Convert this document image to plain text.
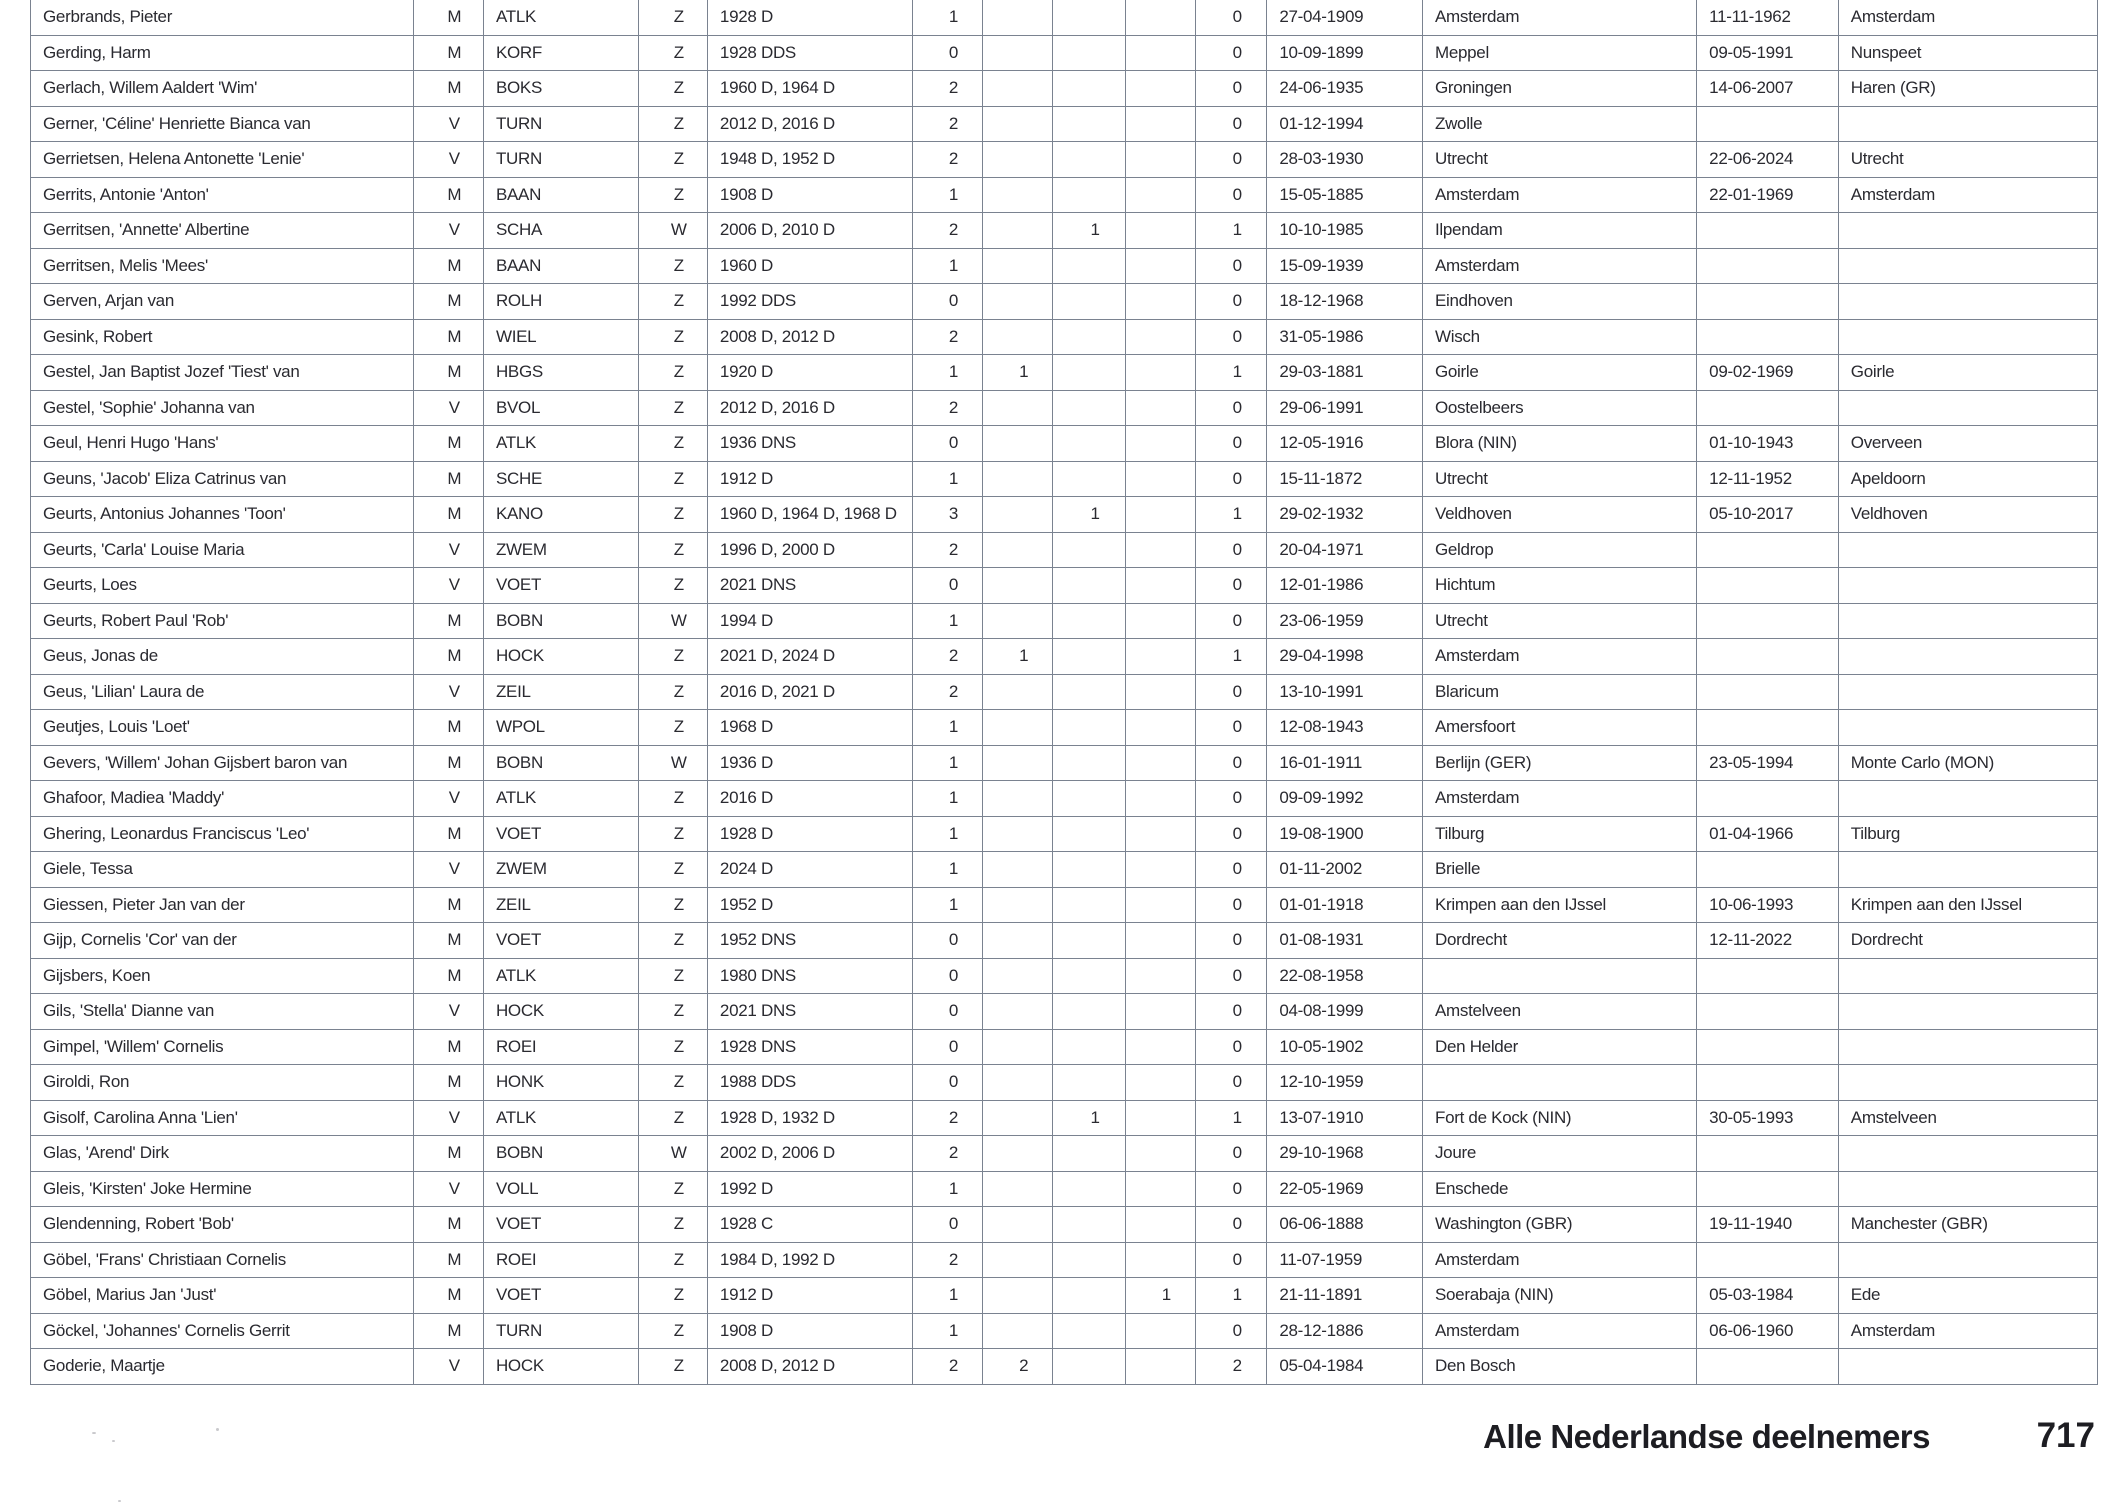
Gerbrands, Pieter	M	ATLK	Z	1928 D	1				0	27-04-1909	Amsterdam	11-11-1962	Amsterdam
Gerding, Harm	M	KORF	Z	1928 DDS	0				0	10-09-1899	Meppel	09-05-1991	Nunspeet
Gerlach, Willem Aaldert 'Wim'	M	BOKS	Z	1960 D, 1964 D	2				0	24-06-1935	Groningen	14-06-2007	Haren (GR)
Gerner, 'Céline' Henriette Bianca van	V	TURN	Z	2012 D, 2016 D	2				0	01-12-1994	Zwolle		
Gerrietsen, Helena Antonette 'Lenie'	V	TURN	Z	1948 D, 1952 D	2				0	28-03-1930	Utrecht	22-06-2024	Utrecht
Gerrits, Antonie 'Anton'	M	BAAN	Z	1908 D	1				0	15-05-1885	Amsterdam	22-01-1969	Amsterdam
Gerritsen, 'Annette' Albertine	V	SCHA	W	2006 D, 2010 D	2		1		1	10-10-1985	Ilpendam		
Gerritsen, Melis 'Mees'	M	BAAN	Z	1960 D	1				0	15-09-1939	Amsterdam		
Gerven, Arjan van	M	ROLH	Z	1992 DDS	0				0	18-12-1968	Eindhoven		
Gesink, Robert	M	WIEL	Z	2008 D, 2012 D	2				0	31-05-1986	Wisch		
Gestel, Jan Baptist Jozef 'Tiest' van	M	HBGS	Z	1920 D	1	1			1	29-03-1881	Goirle	09-02-1969	Goirle
Gestel, 'Sophie' Johanna van	V	BVOL	Z	2012 D, 2016 D	2				0	29-06-1991	Oostelbeers		
Geul, Henri Hugo 'Hans'	M	ATLK	Z	1936 DNS	0				0	12-05-1916	Blora (NIN)	01-10-1943	Overveen
Geuns, 'Jacob' Eliza Catrinus van	M	SCHE	Z	1912 D	1				0	15-11-1872	Utrecht	12-11-1952	Apeldoorn
Geurts, Antonius Johannes 'Toon'	M	KANO	Z	1960 D, 1964 D, 1968 D	3		1		1	29-02-1932	Veldhoven	05-10-2017	Veldhoven
Geurts, 'Carla' Louise Maria	V	ZWEM	Z	1996 D, 2000 D	2				0	20-04-1971	Geldrop		
Geurts, Loes	V	VOET	Z	2021 DNS	0				0	12-01-1986	Hichtum		
Geurts, Robert Paul 'Rob'	M	BOBN	W	1994 D	1				0	23-06-1959	Utrecht		
Geus, Jonas de	M	HOCK	Z	2021 D, 2024 D	2	1			1	29-04-1998	Amsterdam		
Geus, 'Lilian' Laura de	V	ZEIL	Z	2016 D, 2021 D	2				0	13-10-1991	Blaricum		
Geutjes, Louis 'Loet'	M	WPOL	Z	1968 D	1				0	12-08-1943	Amersfoort		
Gevers, 'Willem' Johan Gijsbert baron van	M	BOBN	W	1936 D	1				0	16-01-1911	Berlijn (GER)	23-05-1994	Monte Carlo (MON)
Ghafoor, Madiea 'Maddy'	V	ATLK	Z	2016 D	1				0	09-09-1992	Amsterdam		
Ghering, Leonardus Franciscus 'Leo'	M	VOET	Z	1928 D	1				0	19-08-1900	Tilburg	01-04-1966	Tilburg
Giele, Tessa	V	ZWEM	Z	2024 D	1				0	01-11-2002	Brielle		
Giessen, Pieter Jan van der	M	ZEIL	Z	1952 D	1				0	01-01-1918	Krimpen aan den IJssel	10-06-1993	Krimpen aan den IJssel
Gijp, Cornelis 'Cor' van der	M	VOET	Z	1952 DNS	0				0	01-08-1931	Dordrecht	12-11-2022	Dordrecht
Gijsbers, Koen	M	ATLK	Z	1980 DNS	0				0	22-08-1958			
Gils, 'Stella' Dianne van	V	HOCK	Z	2021 DNS	0				0	04-08-1999	Amstelveen		
Gimpel, 'Willem' Cornelis	M	ROEI	Z	1928 DNS	0				0	10-05-1902	Den Helder		
Giroldi, Ron	M	HONK	Z	1988 DDS	0				0	12-10-1959			
Gisolf, Carolina Anna 'Lien'	V	ATLK	Z	1928 D, 1932 D	2		1		1	13-07-1910	Fort de Kock (NIN)	30-05-1993	Amstelveen
Glas, 'Arend' Dirk	M	BOBN	W	2002 D, 2006 D	2				0	29-10-1968	Joure		
Gleis, 'Kirsten' Joke Hermine	V	VOLL	Z	1992 D	1				0	22-05-1969	Enschede		
Glendenning, Robert 'Bob'	M	VOET	Z	1928 C	0				0	06-06-1888	Washington (GBR)	19-11-1940	Manchester (GBR)
Göbel, 'Frans' Christiaan Cornelis	M	ROEI	Z	1984 D, 1992 D	2				0	11-07-1959	Amsterdam		
Göbel, Marius Jan 'Just'	M	VOET	Z	1912 D	1			1	1	21-11-1891	Soerabaja (NIN)	05-03-1984	Ede
Göckel, 'Johannes' Cornelis Gerrit	M	TURN	Z	1908 D	1				0	28-12-1886	Amsterdam	06-06-1960	Amsterdam
Goderie, Maartje	V	HOCK	Z	2008 D, 2012 D	2	2			2	05-04-1984	Den Bosch		
Alle Nederlandse deelnemers	717
